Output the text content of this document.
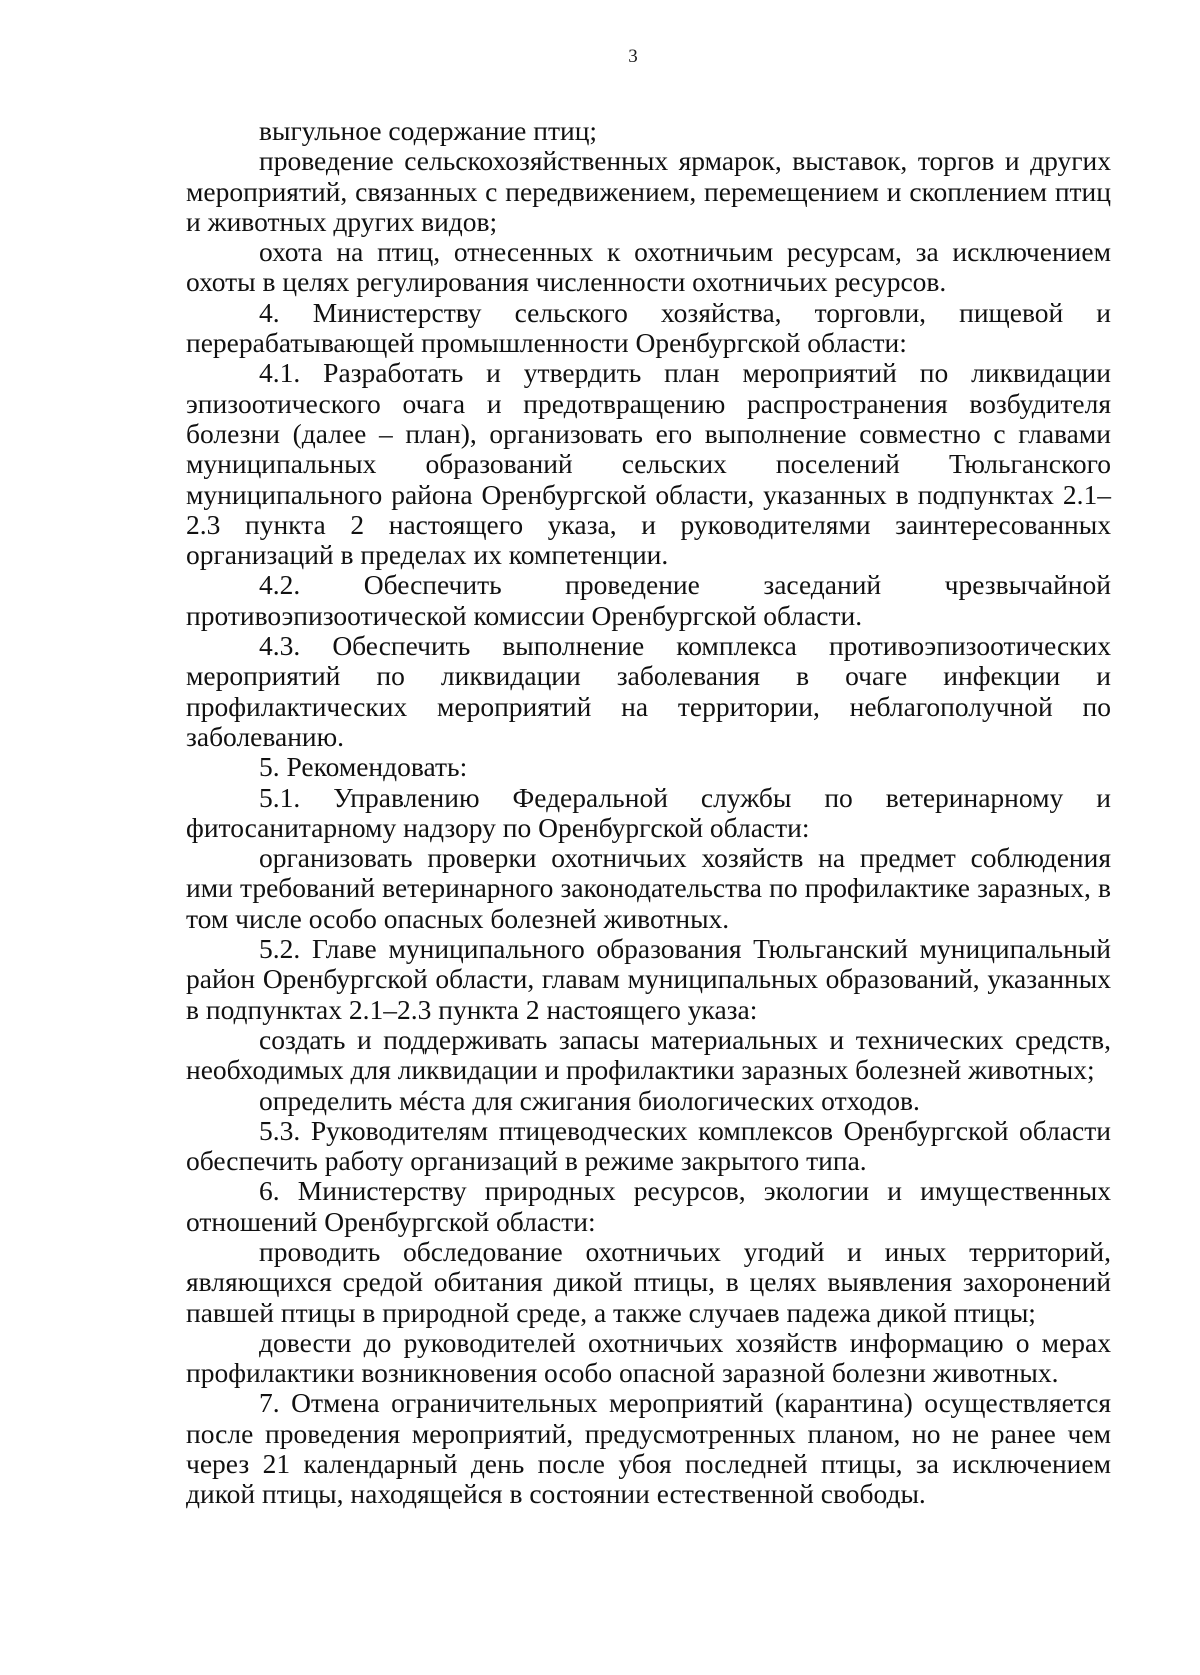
3

выгульное содержание птиц;

проведение сельскохозяйственных ярмарок, выставок, торгов и других мероприятий, связанных с передвижением, перемещением и скоплением птиц и животных других видов;

охота на птиц, отнесенных к охотничьим ресурсам, за исключением охоты в целях регулирования численности охотничьих ресурсов.

4. Министерству сельского хозяйства, торговли, пищевой и перерабатывающей промышленности Оренбургской области:

4.1. Разработать и утвердить план мероприятий по ликвидации эпизоотического очага и предотвращению распространения возбудителя болезни (далее – план), организовать его выполнение совместно с главами муниципальных образований сельских поселений Тюльганского муниципального района Оренбургской области, указанных в подпунктах 2.1–2.3 пункта 2 настоящего указа, и руководителями заинтересованных организаций в пределах их компетенции.

4.2. Обеспечить проведение заседаний чрезвычайной противоэпизоотической комиссии Оренбургской области.

4.3. Обеспечить выполнение комплекса противоэпизоотических мероприятий по ликвидации заболевания в очаге инфекции и профилактических мероприятий на территории, неблагополучной по заболеванию.

5. Рекомендовать:

5.1. Управлению Федеральной службы по ветеринарному и фитосанитарному надзору по Оренбургской области:

организовать проверки охотничьих хозяйств на предмет соблюдения ими требований ветеринарного законодательства по профилактике заразных, в том числе особо опасных болезней животных.

5.2. Главе муниципального образования Тюльганский муниципальный район Оренбургской области, главам муниципальных образований, указанных в подпунктах 2.1–2.3 пункта 2 настоящего указа:

создать и поддерживать запасы материальных и технических средств, необходимых для ликвидации и профилактики заразных болезней животных;

определить мéста для сжигания биологических отходов.

5.3. Руководителям птицеводческих комплексов Оренбургской области обеспечить работу организаций в режиме закрытого типа.

6. Министерству природных ресурсов, экологии и имущественных отношений Оренбургской области:

проводить обследование охотничьих угодий и иных территорий, являющихся средой обитания дикой птицы, в целях выявления захоронений павшей птицы в природной среде, а также случаев падежа дикой птицы;

довести до руководителей охотничьих хозяйств информацию о мерах профилактики возникновения особо опасной заразной болезни животных.

7. Отмена ограничительных мероприятий (карантина) осуществляется после проведения мероприятий, предусмотренных планом, но не ранее чем через 21 календарный день после убоя последней птицы, за исключением дикой птицы, находящейся в состоянии естественной свободы.
